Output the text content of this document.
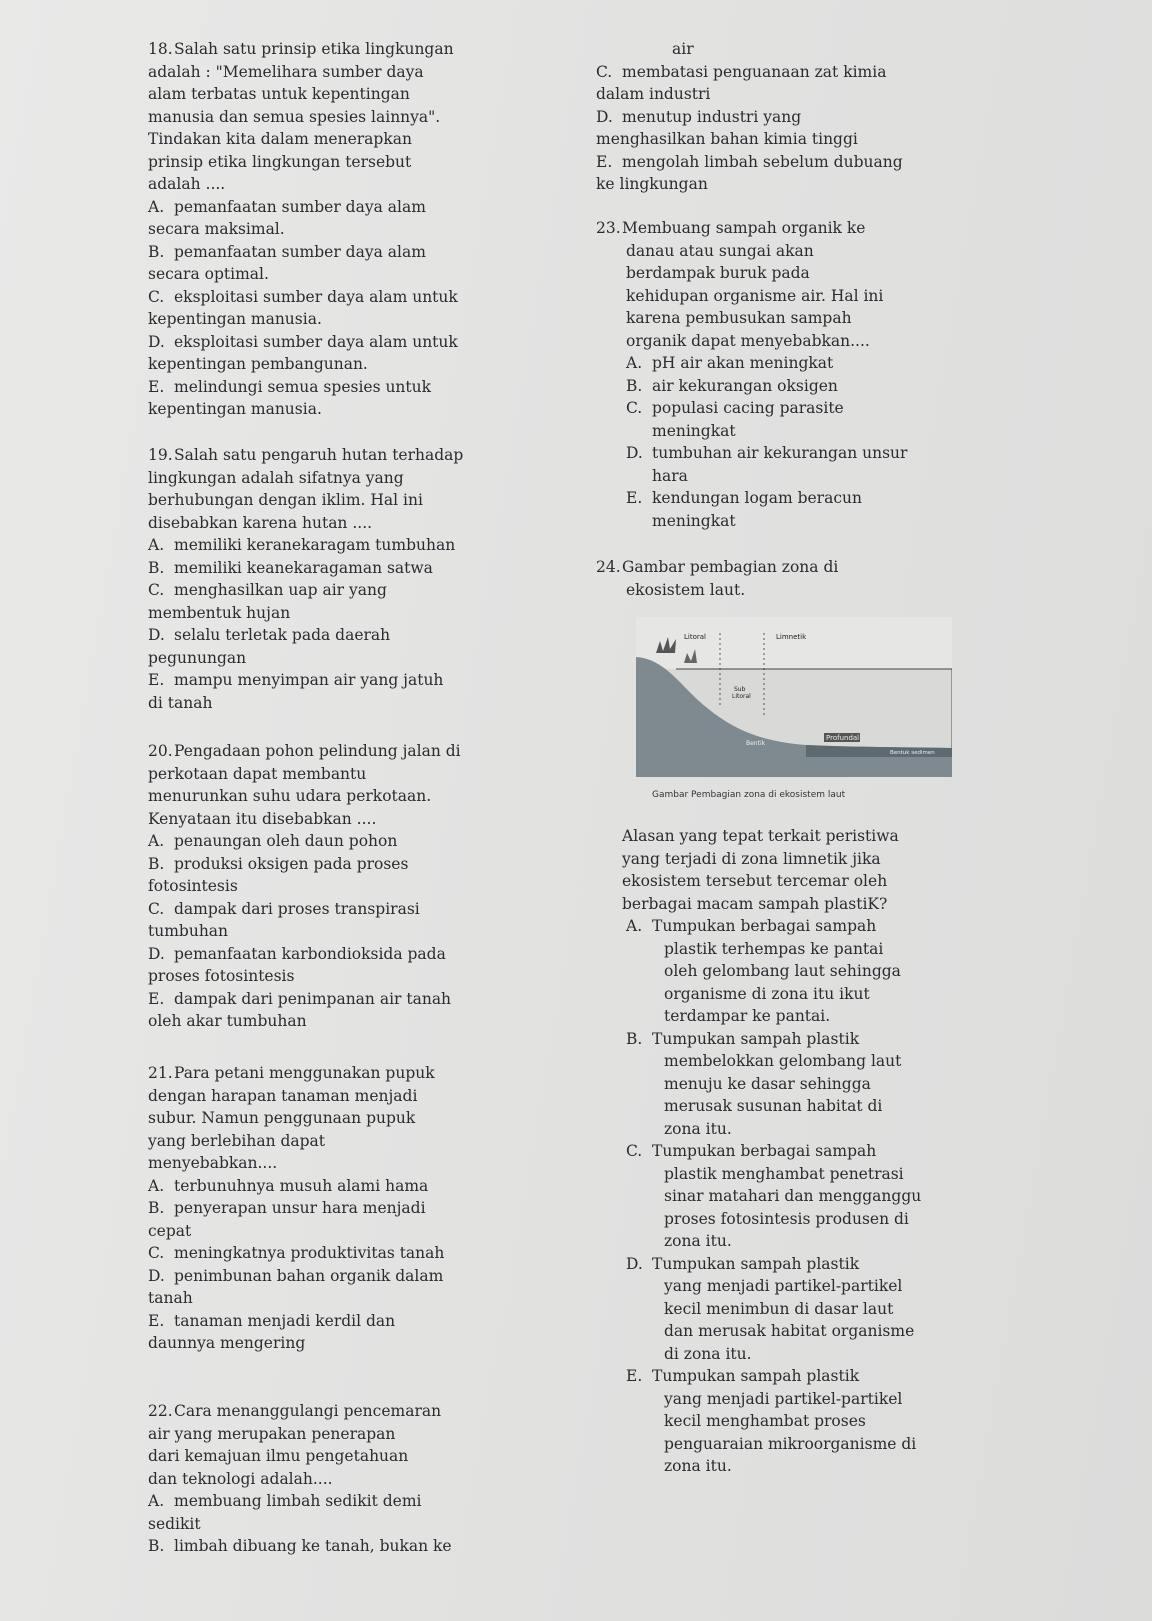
18.Salah satu prinsip etika lingkungan

adalah : "Memelihara sumber daya

alam terbatas untuk kepentingan

manusia dan semua spesies lainnya".

Tindakan kita dalam menerapkan

prinsip etika lingkungan tersebut

adalah ....

A. pemanfaatan sumber daya alam

secara maksimal.

B. pemanfaatan sumber daya alam

secara optimal.

C. eksploitasi sumber daya alam untuk

kepentingan manusia.

D. eksploitasi sumber daya alam untuk

kepentingan pembangunan.

E. melindungi semua spesies untuk

kepentingan manusia.

19.Salah satu pengaruh hutan terhadap

lingkungan adalah sifatnya yang

berhubungan dengan iklim. Hal ini

disebabkan karena hutan ....

A. memiliki keranekaragam tumbuhan

B. memiliki keanekaragaman satwa

C. menghasilkan uap air yang

membentuk hujan

D. selalu terletak pada daerah

pegunungan

E. mampu menyimpan air yang jatuh

di tanah

20.Pengadaan pohon pelindung jalan di

perkotaan dapat membantu

menurunkan suhu udara perkotaan.

Kenyataan itu disebabkan ....

A. penaungan oleh daun pohon

B. produksi oksigen pada proses

fotosintesis

C. dampak dari proses transpirasi

tumbuhan

D. pemanfaatan karbondioksida pada

proses fotosintesis

E. dampak dari penimpanan air tanah

oleh akar tumbuhan

21.Para petani menggunakan pupuk

dengan harapan tanaman menjadi

subur. Namun penggunaan pupuk

yang berlebihan dapat

menyebabkan....

A. terbunuhnya musuh alami hama

B. penyerapan unsur hara menjadi

cepat

C. meningkatnya produktivitas tanah

D. penimbunan bahan organik dalam

tanah

E. tanaman menjadi kerdil dan

daunnya mengering

22.Cara menanggulangi pencemaran

air yang merupakan penerapan

dari kemajuan ilmu pengetahuan

dan teknologi adalah....

A. membuang limbah sedikit demi

sedikit

B. limbah dibuang ke tanah, bukan ke

air

C. membatasi penguanaan zat kimia

dalam industri

D. menutup industri yang

menghasilkan bahan kimia tinggi

E. mengolah limbah sebelum dubuang

ke lingkungan

23.Membuang sampah organik ke

danau atau sungai akan

berdampak buruk pada

kehidupan organisme air. Hal ini

karena pembusukan sampah

organik dapat menyebabkan....

A. pH air akan meningkat

B. air kekurangan oksigen

C. populasi cacing parasite

meningkat

D. tumbuhan air kekurangan unsur

hara

E. kendungan logam beracun

meningkat

24.Gambar pembagian zona di

ekosistem laut.

Alasan yang tepat terkait peristiwa

yang terjadi di zona limnetik jika

ekosistem tersebut tercemar oleh

berbagai macam sampah plastiK?

A. Tumpukan berbagai sampah

plastik terhempas ke pantai

oleh gelombang laut sehingga

organisme di zona itu ikut

terdampar ke pantai.

B. Tumpukan sampah plastik

membelokkan gelombang laut

menuju ke dasar sehingga

merusak susunan habitat di

zona itu.

C. Tumpukan berbagai sampah

plastik menghambat penetrasi

sinar matahari dan mengganggu

proses fotosintesis produsen di

zona itu.

D. Tumpukan sampah plastik

yang menjadi partikel-partikel

kecil menimbun di dasar laut

dan merusak habitat organisme

di zona itu.

E. Tumpukan sampah plastik

yang menjadi partikel-partikel

kecil menghambat proses

penguaraian mikroorganisme di

zona itu.

Litoral	Limnetik
Sub
Litoral
Profundal
Bentik
Bentuk sedimen
Gambar Pembagian zona di ekosistem laut
